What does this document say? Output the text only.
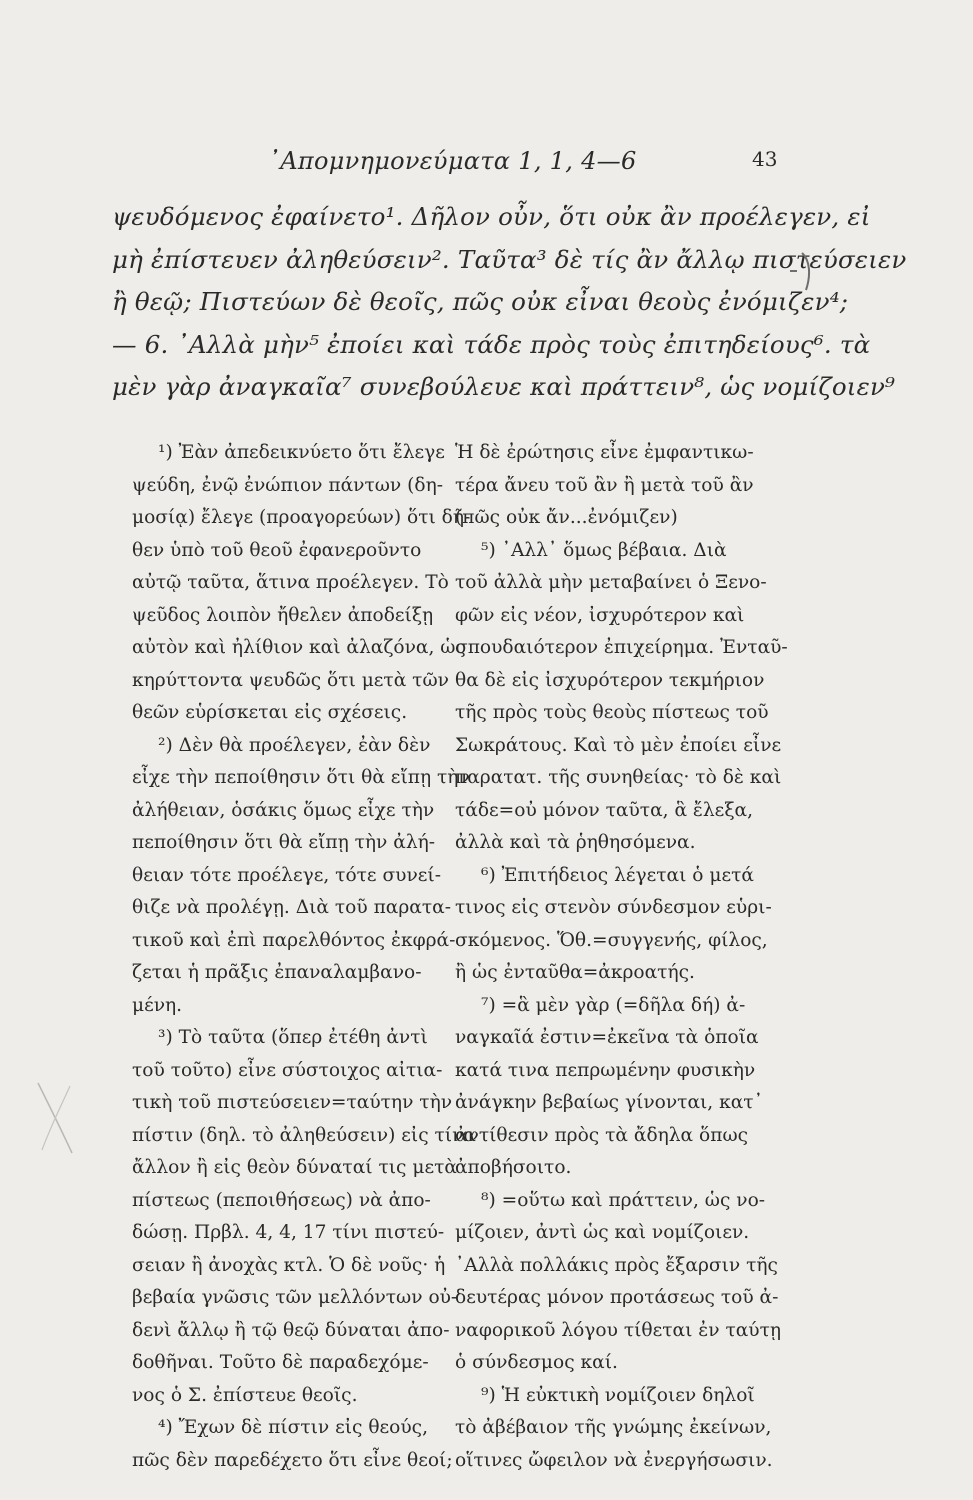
᾿Απομνημονεύματα 1, 1, 4—6	43
ψευδόμενος ἐφαίνετο¹. Δῆλον οὖν, ὅτι οὐκ ἂν προέλεγεν, εἰ
μὴ ἐπίστευεν ἀληθεύσειν². Ταῦτα³ δὲ τίς ἂν ἄλλῳ πιστεύσειεν
ἢ θεῷ; Πιστεύων δὲ θεοῖς, πῶς οὐκ εἶναι θεοὺς ἐνόμιζεν⁴;
— 6. ᾿Αλλὰ μὴν⁵ ἐποίει καὶ τάδε πρὸς τοὺς ἐπιτηδείους⁶. τὰ
μὲν γὰρ ἀναγκαῖα⁷ συνεβούλευε καὶ πράττειν⁸, ὡς νομίζοιεν⁹
¹) Ἐὰν ἀπεδεικνύετο ὅτι ἔλεγε
ψεύδη, ἐνῷ ἐνώπιον πάντων (δη-
μοσίᾳ) ἔλεγε (προαγορεύων) ὅτι δῆ-
θεν ὑπὸ τοῦ θεοῦ ἐφανεροῦντο
αὐτῷ ταῦτα, ἅτινα προέλεγεν. Τὸ
ψεῦδος λοιπὸν ἤθελεν ἀποδείξῃ
αὐτὸν καὶ ἠλίθιον καὶ ἀλαζόνα, ὡς
κηρύττοντα ψευδῶς ὅτι μετὰ τῶν
θεῶν εὑρίσκεται εἰς σχέσεις.
²) Δὲν θὰ προέλεγεν, ἐὰν δὲν
εἶχε τὴν πεποίθησιν ὅτι θὰ εἴπῃ τὴν
ἀλήθειαν, ὁσάκις ὅμως εἶχε τὴν
πεποίθησιν ὅτι θὰ εἴπῃ τὴν ἀλή-
θειαν τότε προέλεγε, τότε συνεί-
θιζε νὰ προλέγῃ. Διὰ τοῦ παρατα-
τικοῦ καὶ ἐπὶ παρελθόντος ἐκφρά-
ζεται ἡ πρᾶξις ἐπαναλαμβανο-
μένη.
³) Τὸ ταῦτα (ὅπερ ἐτέθη ἀντὶ
τοῦ τοῦτο) εἶνε σύστοιχος αἰτια-
τικὴ τοῦ πιστεύσειεν=ταύτην τὴν
πίστιν (δηλ. τὸ ἀληθεύσειν) εἰς τίνα
ἄλλον ἢ εἰς θεὸν δύναταί τις μετὰ
πίστεως (πεποιθήσεως) νὰ ἀπο-
δώσῃ. Πρβλ. 4, 4, 17 τίνι πιστεύ-
σειαν ἢ ἀνοχὰς κτλ. Ὁ δὲ νοῦς· ἡ
βεβαία γνῶσις τῶν μελλόντων οὐ-
δενὶ ἄλλῳ ἢ τῷ θεῷ δύναται ἀπο-
δοθῆναι. Τοῦτο δὲ παραδεχόμε-
νος ὁ Σ. ἐπίστευε θεοῖς.
⁴) Ἔχων δὲ πίστιν εἰς θεούς,
πῶς δὲν παρεδέχετο ὅτι εἶνε θεοί;
Ἡ δὲ ἐρώτησις εἶνε ἐμφαντικω-
τέρα ἄνευ τοῦ ἂν ἢ μετὰ τοῦ ἂν
(πῶς οὐκ ἄν...ἐνόμιζεν)
⁵) ᾿Αλλ᾿ ὅμως βέβαια. Διὰ
τοῦ ἀλλὰ μὴν μεταβαίνει ὁ Ξενο-
φῶν εἰς νέον, ἰσχυρότερον καὶ
σπουδαιότερον ἐπιχείρημα. Ἐνταῦ-
θα δὲ εἰς ἰσχυρότερον τεκμήριον
τῆς πρὸς τοὺς θεοὺς πίστεως τοῦ
Σωκράτους. Καὶ τὸ μὲν ἐποίει εἶνε
παρατατ. τῆς συνηθείας· τὸ δὲ καὶ
τάδε=οὐ μόνον ταῦτα, ἃ ἔλεξα,
ἀλλὰ καὶ τὰ ῥηθησόμενα.
⁶) Ἐπιτήδειος λέγεται ὁ μετά
τινος εἰς στενὸν σύνδεσμον εὑρι-
σκόμενος. Ὅθ.=συγγενής, φίλος,
ἢ ὡς ἐνταῦθα=ἀκροατής.
⁷) =ἃ μὲν γὰρ (=δῆλα δή) ἀ-
ναγκαῖά ἐστιν=ἐκεῖνα τὰ ὁποῖα
κατά τινα πεπρωμένην φυσικὴν
ἀνάγκην βεβαίως γίνονται, κατ᾿
ἀντίθεσιν πρὸς τὰ ἄδηλα ὅπως
ἀποβήσοιτο.
⁸) =οὕτω καὶ πράττειν, ὡς νο-
μίζοιεν, ἀντὶ ὡς καὶ νομίζοιεν.
᾿Αλλὰ πολλάκις πρὸς ἔξαρσιν τῆς
δευτέρας μόνον προτάσεως τοῦ ἀ-
ναφορικοῦ λόγου τίθεται ἐν ταύτῃ
ὁ σύνδεσμος καί.
⁹) Ἡ εὐκτικὴ νομίζοιεν δηλοῖ
τὸ ἀβέβαιον τῆς γνώμης ἐκείνων,
οἵτινες ὤφειλον νὰ ἐνεργήσωσιν.
